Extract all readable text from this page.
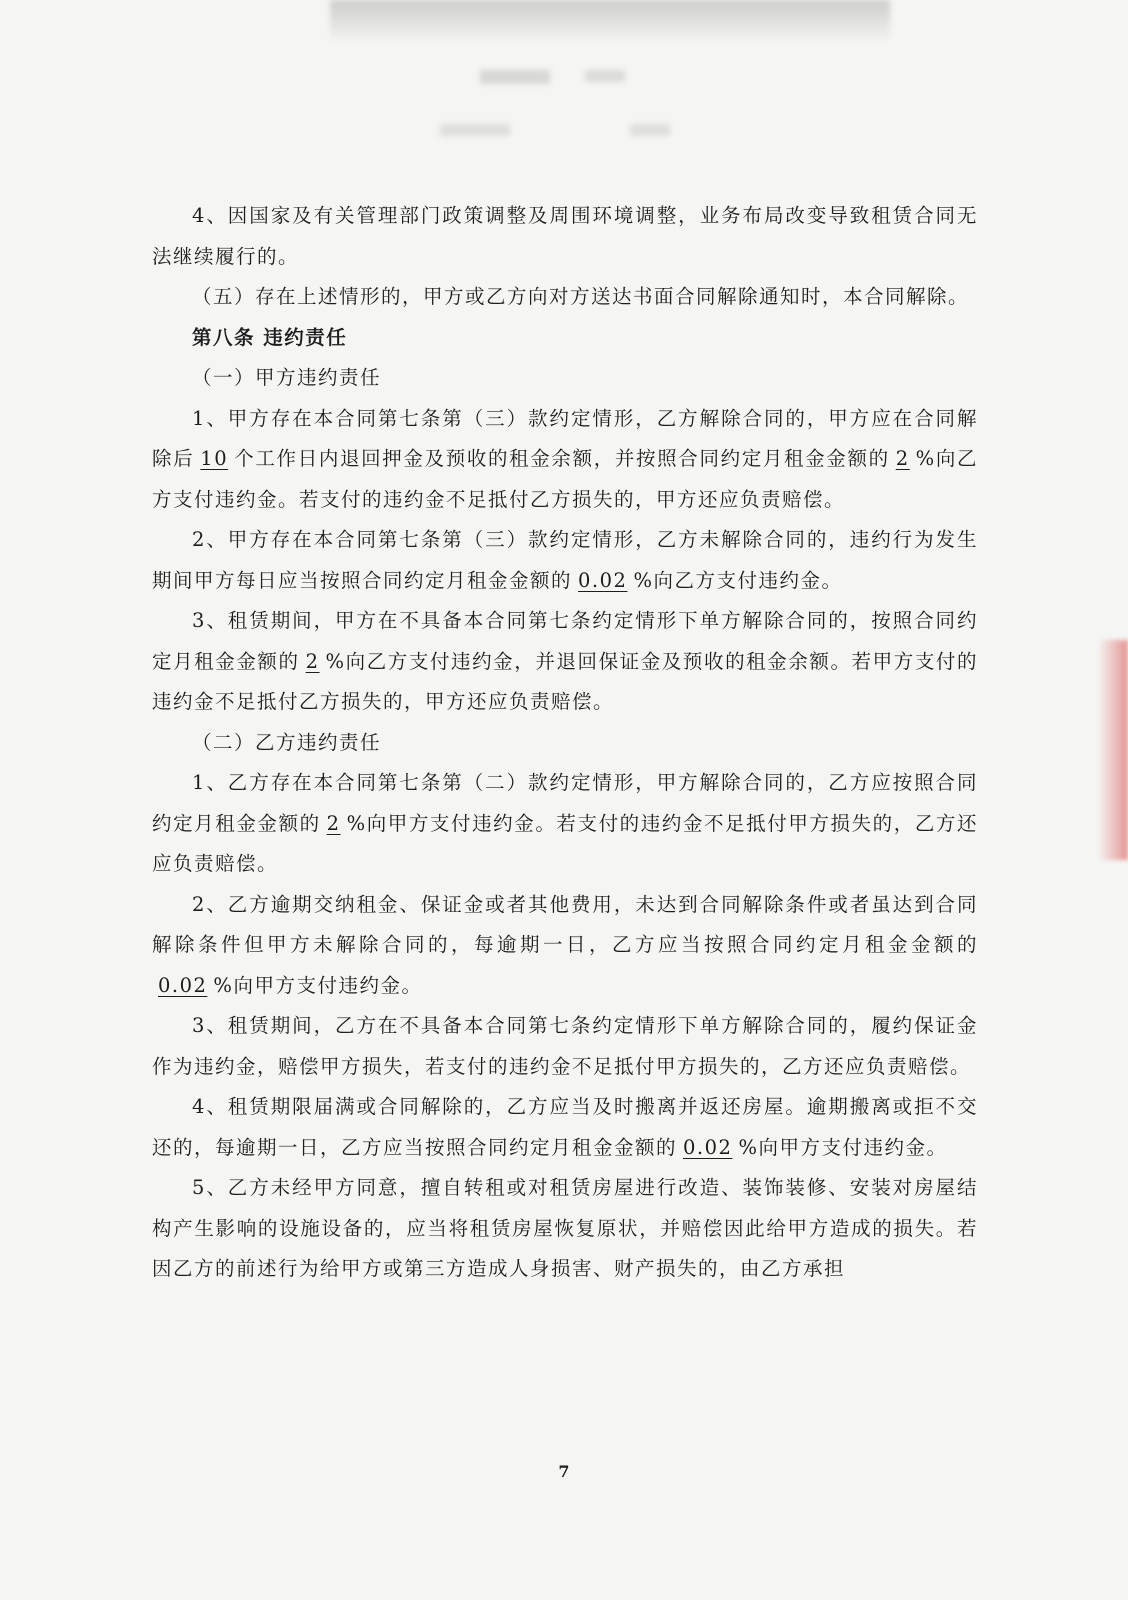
4、因国家及有关管理部门政策调整及周围环境调整，业务布局改变导致租赁合同无法继续履行的。

（五）存在上述情形的，甲方或乙方向对方送达书面合同解除通知时，本合同解除。

第八条 违约责任

（一）甲方违约责任

1、甲方存在本合同第七条第（三）款约定情形，乙方解除合同的，甲方应在合同解除后 10 个工作日内退回押金及预收的租金余额，并按照合同约定月租金金额的 2 %向乙方支付违约金。若支付的违约金不足抵付乙方损失的，甲方还应负责赔偿。

2、甲方存在本合同第七条第（三）款约定情形，乙方未解除合同的，违约行为发生期间甲方每日应当按照合同约定月租金金额的 0.02 %向乙方支付违约金。

3、租赁期间，甲方在不具备本合同第七条约定情形下单方解除合同的，按照合同约定月租金金额的 2 %向乙方支付违约金，并退回保证金及预收的租金余额。若甲方支付的违约金不足抵付乙方损失的，甲方还应负责赔偿。

（二）乙方违约责任

1、乙方存在本合同第七条第（二）款约定情形，甲方解除合同的，乙方应按照合同约定月租金金额的 2 %向甲方支付违约金。若支付的违约金不足抵付甲方损失的，乙方还应负责赔偿。

2、乙方逾期交纳租金、保证金或者其他费用，未达到合同解除条件或者虽达到合同解除条件但甲方未解除合同的，每逾期一日，乙方应当按照合同约定月租金金额的0.02 %向甲方支付违约金。

3、租赁期间，乙方在不具备本合同第七条约定情形下单方解除合同的，履约保证金作为违约金，赔偿甲方损失，若支付的违约金不足抵付甲方损失的，乙方还应负责赔偿。

4、租赁期限届满或合同解除的，乙方应当及时搬离并返还房屋。逾期搬离或拒不交还的，每逾期一日，乙方应当按照合同约定月租金金额的 0.02 %向甲方支付违约金。

5、乙方未经甲方同意，擅自转租或对租赁房屋进行改造、装饰装修、安装对房屋结构产生影响的设施设备的，应当将租赁房屋恢复原状，并赔偿因此给甲方造成的损失。若因乙方的前述行为给甲方或第三方造成人身损害、财产损失的，由乙方承担

7
